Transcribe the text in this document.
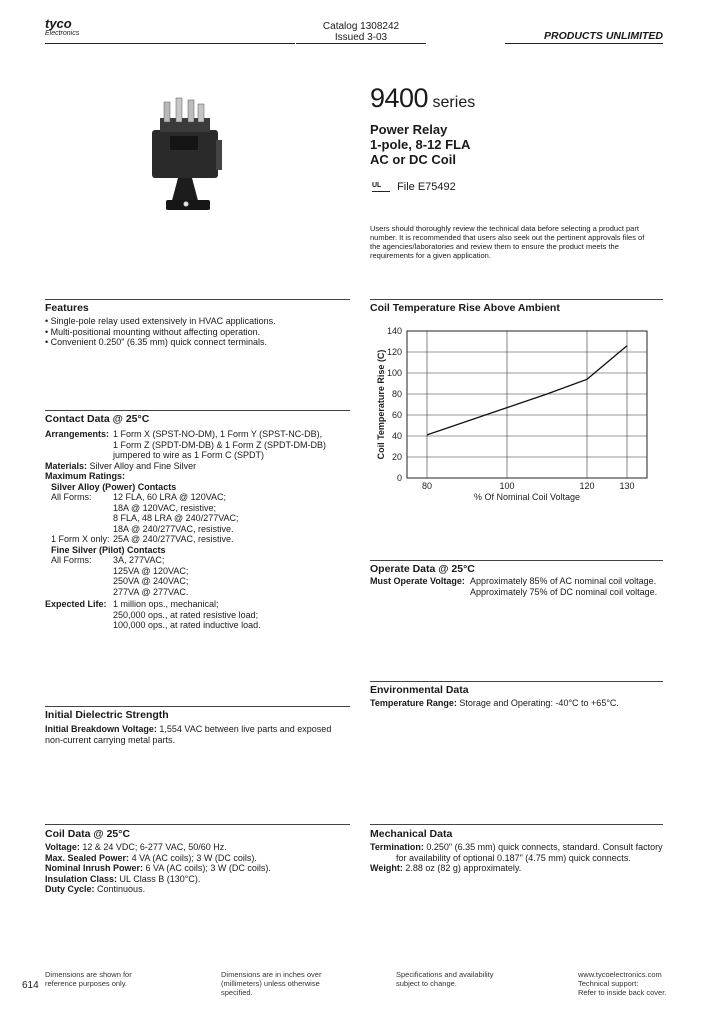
tyco
Electronics
Catalog 1308242
Issued 3-03	PRODUCTS UNLIMITED
9400 series
Power Relay
1-pole, 8-12 FLA
AC or DC Coil
UL File E75492
Users should thoroughly review the technical data before selecting a product part
number. It is recommended that users also seek out the pertinent approvals files of
the agencies/laboratories and review them to ensure the product meets the
requirements for a given application.
Features
• Single-pole relay used extensively in HVAC applications.
• Multi-positional mounting without affecting operation.
• Convenient 0.250" (6.35 mm) quick connect terminals.
Contact Data @ 25°C
Arrangements: 1 Form X (SPST-NO-DM), 1 Form Y (SPST-NC-DB),
1 Form Z (SPDT-DM-DB) & 1 Form Z (SPDT-DM-DB)
jumpered to wire as 1 Form C (SPDT)
Materials: Silver Alloy and Fine Silver
Maximum Ratings:
Silver Alloy (Power) Contacts
All Forms: 12 FLA, 60 LRA @ 120VAC;
18A @ 120VAC, resistive;
8 FLA, 48 LRA @ 240/277VAC;
18A @ 240/277VAC, resistive.
1 Form X only: 25A @ 240/277VAC, resistive.
Fine Silver (Pilot) Contacts
All Forms: 3A, 277VAC;
125VA @ 120VAC;
250VA @ 240VAC;
277VA @ 277VAC.
Expected Life: 1 million ops., mechanical;
250,000 ops., at rated resistive load;
100,000 ops., at rated inductive load.
Initial Dielectric Strength
Initial Breakdown Voltage: 1,554 VAC between live parts and exposed
non-current carrying metal parts.
Coil Data @ 25°C
Voltage: 12 & 24 VDC; 6-277 VAC, 50/60 Hz.
Max. Sealed Power: 4 VA (AC coils); 3 W (DC coils).
Nominal Inrush Power: 6 VA (AC coils); 3 W (DC coils).
Insulation Class: UL Class B (130°C).
Duty Cycle: Continuous.
Coil Temperature Rise Above Ambient
0
20
40
60
80
100
120
140
80	100	120	130
% Of Nominal Coil Voltage
Coil Temperature Rise (C)
Operate Data @ 25°C
Must Operate Voltage: Approximately 85% of AC nominal coil voltage.
Approximately 75% of DC nominal coil voltage.
Environmental Data
Temperature Range: Storage and Operating: -40°C to +65°C.
Mechanical Data
Termination: 0.250" (6.35 mm) quick connects, standard. Consult factory
for availability of optional 0.187" (4.75 mm) quick connects.
Weight: 2.88 oz (82 g) approximately.
614
Dimensions are shown for
reference purposes only.
Dimensions are in inches over
(millimeters) unless otherwise
specified.
Specifications and availability
subject to change.
www.tycoelectronics.com
Technical support:
Refer to inside back cover.
